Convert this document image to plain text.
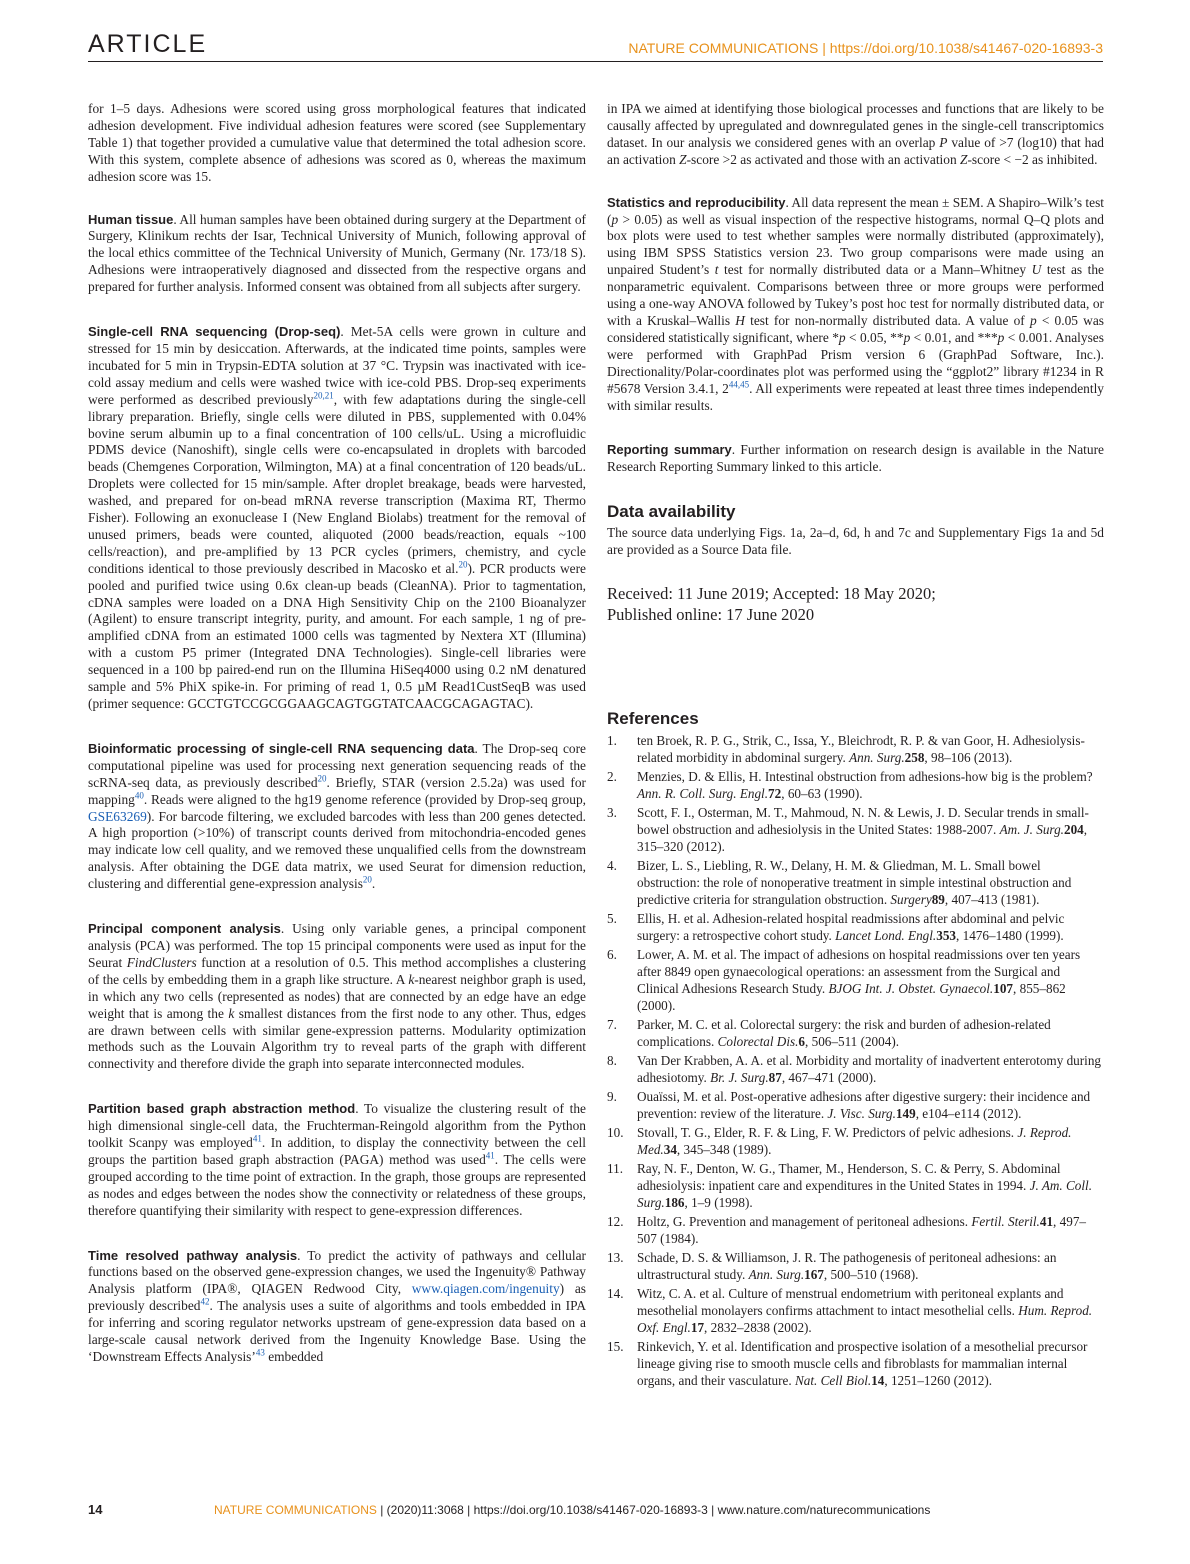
ARTICLE	NATURE COMMUNICATIONS | https://doi.org/10.1038/s41467-020-16893-3

for 1–5 days. Adhesions were scored using gross morphological features that indicated adhesion development. Five individual adhesion features were scored (see Supplementary Table 1) that together provided a cumulative value that determined the total adhesion score. With this system, complete absence of adhesions was scored as 0, whereas the maximum adhesion score was 15.

Human tissue. All human samples have been obtained during surgery at the Department of Surgery, Klinikum rechts der Isar, Technical University of Munich, following approval of the local ethics committee of the Technical University of Munich, Germany (Nr. 173/18 S). Adhesions were intraoperatively diagnosed and dissected from the respective organs and prepared for further analysis. Informed consent was obtained from all subjects after surgery.

Single-cell RNA sequencing (Drop-seq). Met-5A cells were grown in culture and stressed for 15 min by desiccation. Afterwards, at the indicated time points, samples were incubated for 5 min in Trypsin-EDTA solution at 37 °C. Trypsin was inactivated with ice-cold assay medium and cells were washed twice with ice-cold PBS. Drop-seq experiments were performed as described previously$^{20,21}$, with few adaptations during the single-cell library preparation. Briefly, single cells were diluted in PBS, supplemented with 0.04% bovine serum albumin up to a final concentration of 100 cells/uL. Using a microfluidic PDMS device (Nanoshift), single cells were co-encapsulated in droplets with barcoded beads (Chemgenes Corporation, Wilmington, MA) at a final concentration of 120 beads/uL. Droplets were collected for 15 min/sample. After droplet breakage, beads were harvested, washed, and prepared for on-bead mRNA reverse transcription (Maxima RT, Thermo Fisher). Following an exonuclease I (New England Biolabs) treatment for the removal of unused primers, beads were counted, aliquoted (2000 beads/reaction, equals ~100 cells/reaction), and pre-amplified by 13 PCR cycles (primers, chemistry, and cycle conditions identical to those previously described in Macosko et al.$^{20}$). PCR products were pooled and purified twice using 0.6x clean-up beads (CleanNA). Prior to tagmentation, cDNA samples were loaded on a DNA High Sensitivity Chip on the 2100 Bioanalyzer (Agilent) to ensure transcript integrity, purity, and amount. For each sample, 1 ng of pre-amplified cDNA from an estimated 1000 cells was tagmented by Nextera XT (Illumina) with a custom P5 primer (Integrated DNA Technologies). Single-cell libraries were sequenced in a 100 bp paired-end run on the Illumina HiSeq4000 using 0.2 nM denatured sample and 5% PhiX spike-in. For priming of read 1, 0.5 µM Read1CustSeqB was used (primer sequence: GCCTGTCCGCGGAAGCAGTGGTATCAACGCAGAGTAC).

Bioinformatic processing of single-cell RNA sequencing data. The Drop-seq core computational pipeline was used for processing next generation sequencing reads of the scRNA-seq data, as previously described$^{20}$. Briefly, STAR (version 2.5.2a) was used for mapping$^{40}$. Reads were aligned to the hg19 genome reference (provided by Drop-seq group, GSE63269). For barcode filtering, we excluded barcodes with less than 200 genes detected. A high proportion (>10%) of transcript counts derived from mitochondria-encoded genes may indicate low cell quality, and we removed these unqualified cells from the downstream analysis. After obtaining the DGE data matrix, we used Seurat for dimension reduction, clustering and differential gene-expression analysis$^{20}$.

Principal component analysis. Using only variable genes, a principal component analysis (PCA) was performed. The top 15 principal components were used as input for the Seurat FindClusters function at a resolution of 0.5. This method accomplishes a clustering of the cells by embedding them in a graph like structure. A k-nearest neighbor graph is used, in which any two cells (represented as nodes) that are connected by an edge have an edge weight that is among the k smallest distances from the first node to any other. Thus, edges are drawn between cells with similar gene-expression patterns. Modularity optimization methods such as the Louvain Algorithm try to reveal parts of the graph with different connectivity and therefore divide the graph into separate interconnected modules.

Partition based graph abstraction method. To visualize the clustering result of the high dimensional single-cell data, the Fruchterman-Reingold algorithm from the Python toolkit Scanpy was employed$^{41}$. In addition, to display the connectivity between the cell groups the partition based graph abstraction (PAGA) method was used$^{41}$. The cells were grouped according to the time point of extraction. In the graph, those groups are represented as nodes and edges between the nodes show the connectivity or relatedness of these groups, therefore quantifying their similarity with respect to gene-expression differences.

Time resolved pathway analysis. To predict the activity of pathways and cellular functions based on the observed gene-expression changes, we used the Ingenuity® Pathway Analysis platform (IPA®, QIAGEN Redwood City, www.qiagen.com/ingenuity) as previously described$^{42}$. The analysis uses a suite of algorithms and tools embedded in IPA for inferring and scoring regulator networks upstream of gene-expression data based on a large-scale causal network derived from the Ingenuity Knowledge Base. Using the ‘Downstream Effects Analysis’$^{43}$ embedded

in IPA we aimed at identifying those biological processes and functions that are likely to be causally affected by upregulated and downregulated genes in the single-cell transcriptomics dataset. In our analysis we considered genes with an overlap P value of >7 (log10) that had an activation Z-score >2 as activated and those with an activation Z-score < −2 as inhibited.

Statistics and reproducibility. All data represent the mean ± SEM. A Shapiro–Wilk’s test (p > 0.05) as well as visual inspection of the respective histograms, normal Q–Q plots and box plots were used to test whether samples were normally distributed (approximately), using IBM SPSS Statistics version 23. Two group comparisons were made using an unpaired Student’s t test for normally distributed data or a Mann–Whitney U test as the nonparametric equivalent. Comparisons between three or more groups were performed using a one-way ANOVA followed by Tukey’s post hoc test for normally distributed data, or with a Kruskal–Wallis H test for non-normally distributed data. A value of p < 0.05 was considered statistically significant, where *p < 0.05, **p < 0.01, and ***p < 0.001. Analyses were performed with GraphPad Prism version 6 (GraphPad Software, Inc.). Directionality/Polar-coordinates plot was performed using the “ggplot2” library #1234 in R #5678 Version 3.4.1, 2$^{44,45}$. All experiments were repeated at least three times independently with similar results.

Reporting summary. Further information on research design is available in the Nature Research Reporting Summary linked to this article.

Data availability

The source data underlying Figs. 1a, 2a–d, 6d, h and 7c and Supplementary Figs 1a and 5d are provided as a Source Data file.

Received: 11 June 2019; Accepted: 18 May 2020;
Published online: 17 June 2020
References
1. ten Broek, R. P. G., Strik, C., Issa, Y., Bleichrodt, R. P. & van Goor, H. Adhesiolysis-related morbidity in abdominal surgery. Ann. Surg.258, 98–106 (2013).
2. Menzies, D. & Ellis, H. Intestinal obstruction from adhesions-how big is the problem? Ann. R. Coll. Surg. Engl.72, 60–63 (1990).
3. Scott, F. I., Osterman, M. T., Mahmoud, N. N. & Lewis, J. D. Secular trends in small-bowel obstruction and adhesiolysis in the United States: 1988-2007. Am. J. Surg.204, 315–320 (2012).
4. Bizer, L. S., Liebling, R. W., Delany, H. M. & Gliedman, M. L. Small bowel obstruction: the role of nonoperative treatment in simple intestinal obstruction and predictive criteria for strangulation obstruction. Surgery89, 407–413 (1981).
5. Ellis, H. et al. Adhesion-related hospital readmissions after abdominal and pelvic surgery: a retrospective cohort study. Lancet Lond. Engl.353, 1476–1480 (1999).
6. Lower, A. M. et al. The impact of adhesions on hospital readmissions over ten years after 8849 open gynaecological operations: an assessment from the Surgical and Clinical Adhesions Research Study. BJOG Int. J. Obstet. Gynaecol.107, 855–862 (2000).
7. Parker, M. C. et al. Colorectal surgery: the risk and burden of adhesion-related complications. Colorectal Dis.6, 506–511 (2004).
8. Van Der Krabben, A. A. et al. Morbidity and mortality of inadvertent enterotomy during adhesiotomy. Br. J. Surg.87, 467–471 (2000).
9. Ouaïssi, M. et al. Post-operative adhesions after digestive surgery: their incidence and prevention: review of the literature. J. Visc. Surg.149, e104–e114 (2012).
10. Stovall, T. G., Elder, R. F. & Ling, F. W. Predictors of pelvic adhesions. J. Reprod. Med.34, 345–348 (1989).
11. Ray, N. F., Denton, W. G., Thamer, M., Henderson, S. C. & Perry, S. Abdominal adhesiolysis: inpatient care and expenditures in the United States in 1994. J. Am. Coll. Surg.186, 1–9 (1998).
12. Holtz, G. Prevention and management of peritoneal adhesions. Fertil. Steril.41, 497–507 (1984).
13. Schade, D. S. & Williamson, J. R. The pathogenesis of peritoneal adhesions: an ultrastructural study. Ann. Surg.167, 500–510 (1968).
14. Witz, C. A. et al. Culture of menstrual endometrium with peritoneal explants and mesothelial monolayers confirms attachment to intact mesothelial cells. Hum. Reprod. Oxf. Engl.17, 2832–2838 (2002).
15. Rinkevich, Y. et al. Identification and prospective isolation of a mesothelial precursor lineage giving rise to smooth muscle cells and fibroblasts for mammalian internal organs, and their vasculature. Nat. Cell Biol.14, 1251–1260 (2012).
14	NATURE COMMUNICATIONS | (2020)11:3068 | https://doi.org/10.1038/s41467-020-16893-3 | www.nature.com/naturecommunications
